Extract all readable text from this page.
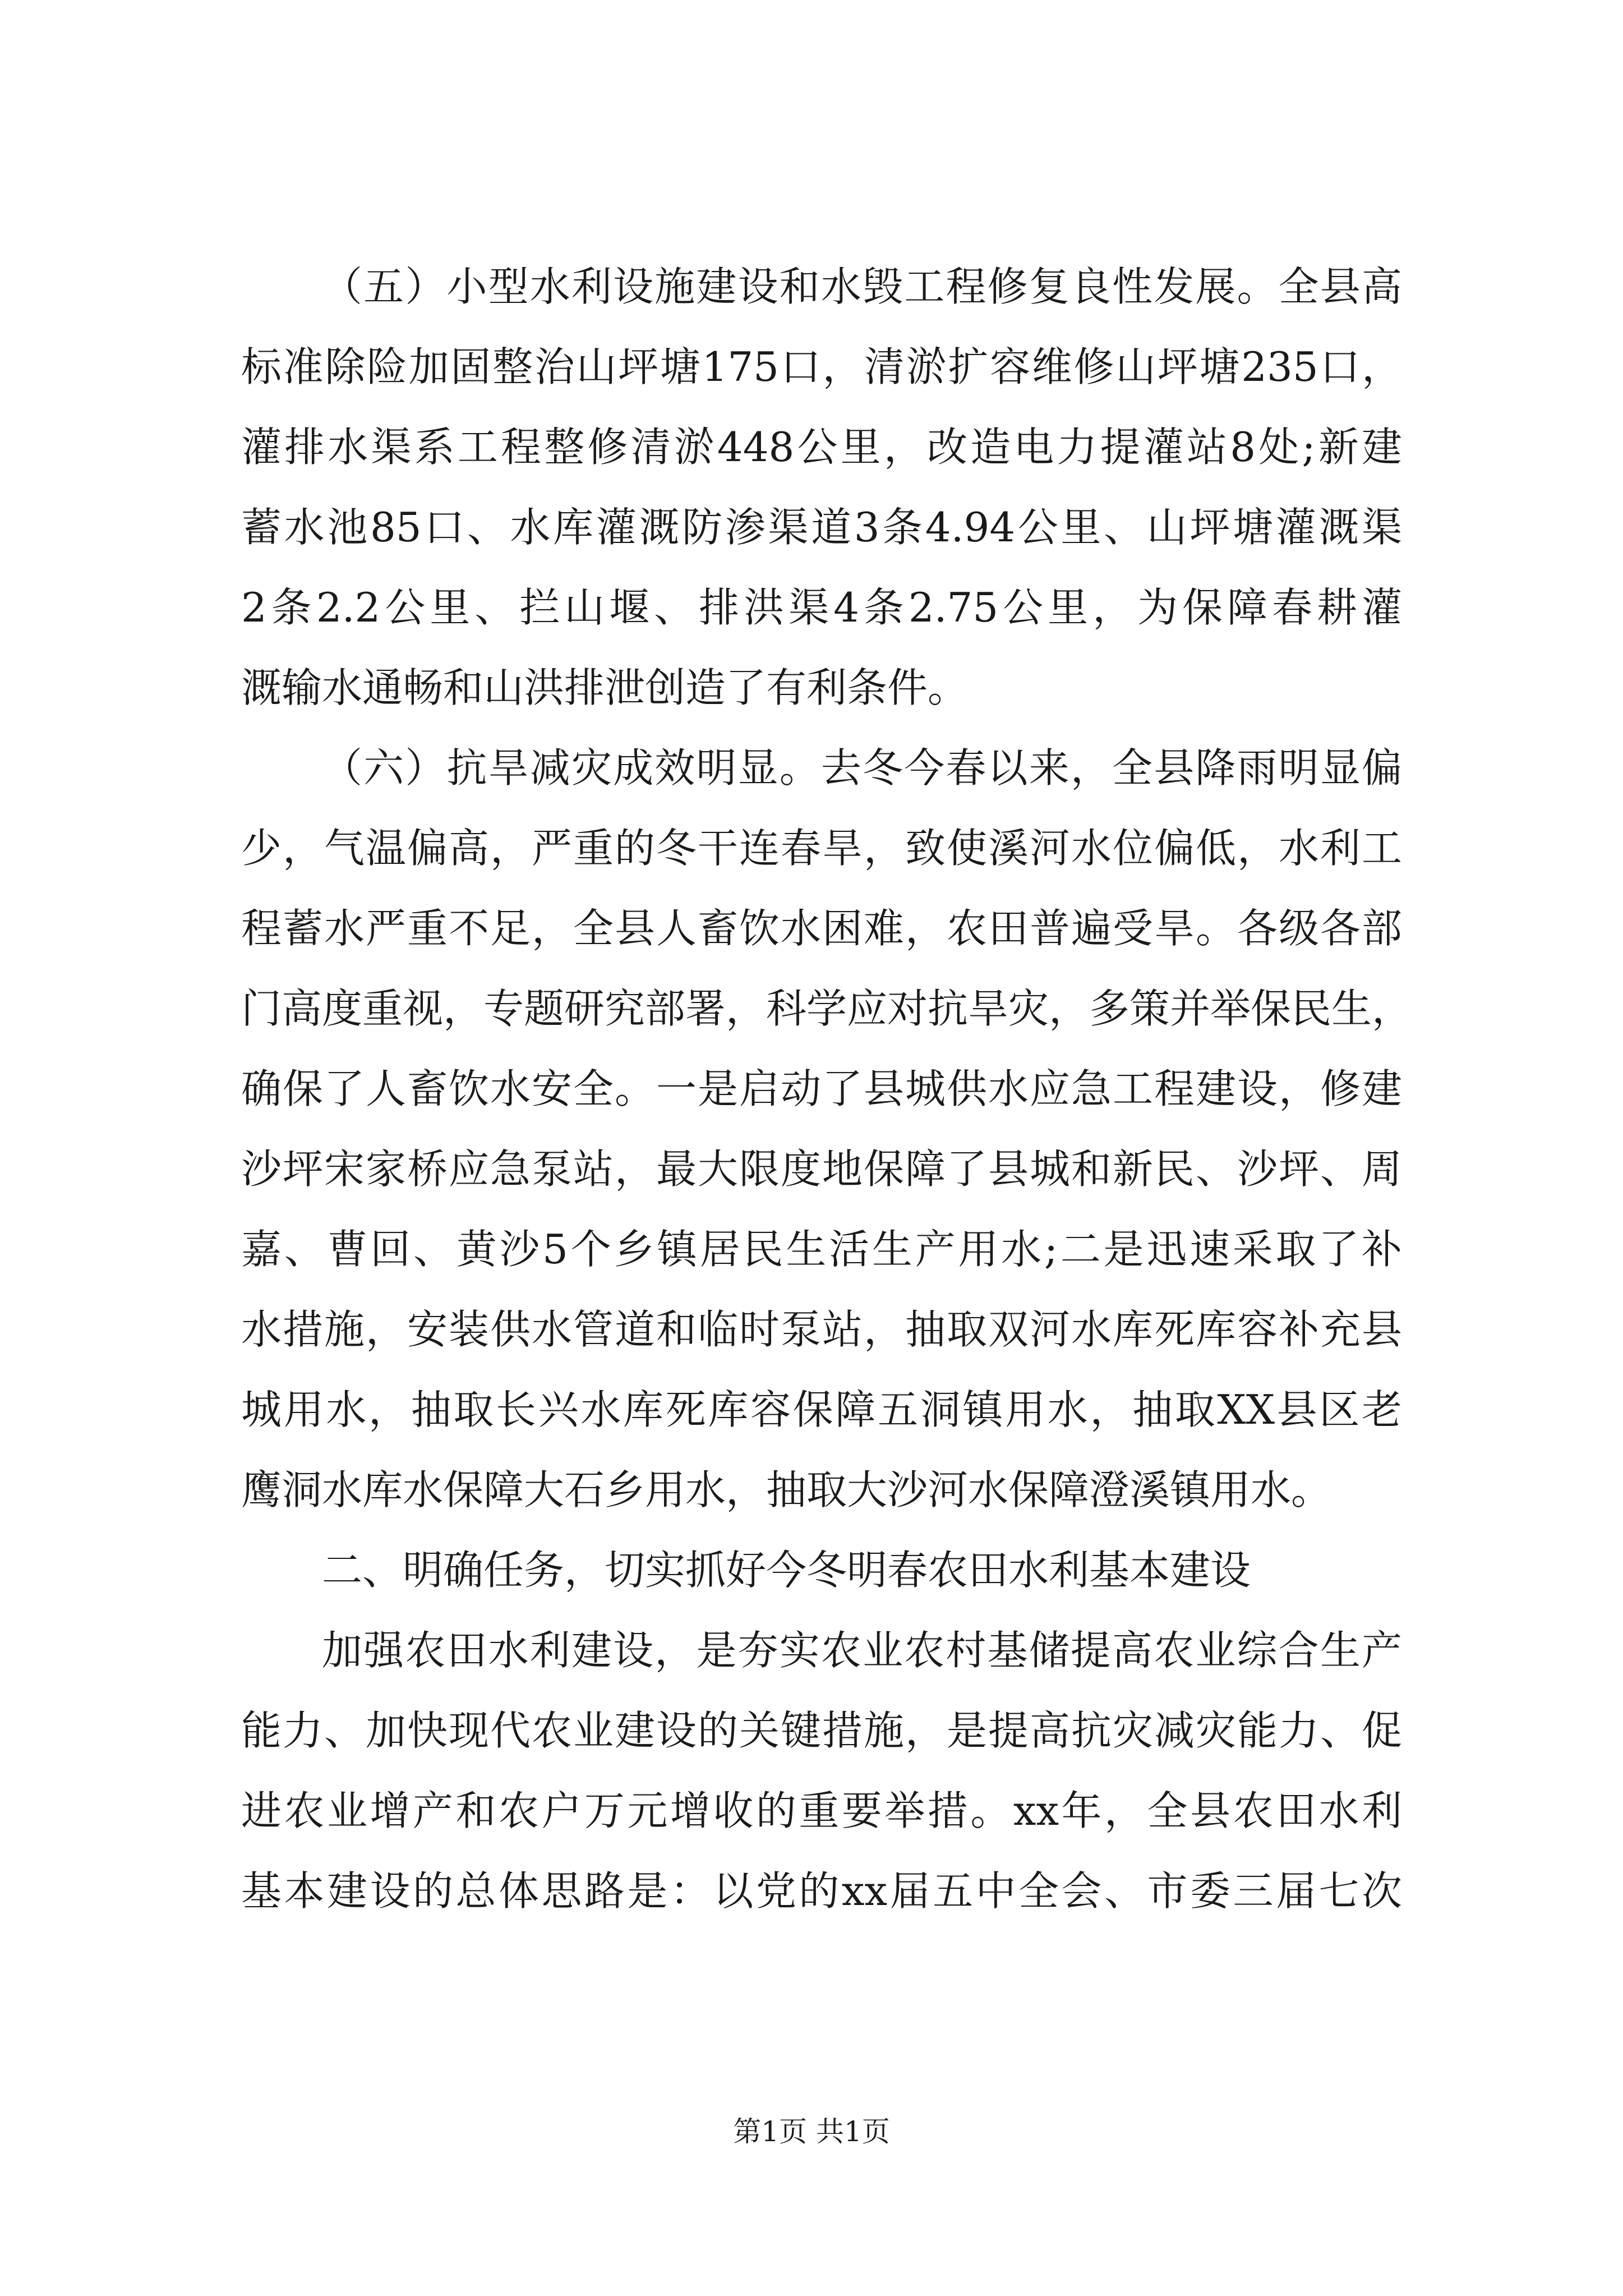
（五）小型水利设施建设和水毁工程修复良性发展。全县高
标准除险加固整治山坪塘175口，清淤扩容维修山坪塘235口，
灌排水渠系工程整修清淤448公里，改造电力提灌站8处;新建
蓄水池85口、水库灌溉防渗渠道3条4.94公里、山坪塘灌溉渠
2条2.2公里、拦山堰、排洪渠4条2.75公里，为保障春耕灌
溉输水通畅和山洪排泄创造了有利条件。
（六）抗旱减灾成效明显。去冬今春以来，全县降雨明显偏
少，气温偏高，严重的冬干连春旱，致使溪河水位偏低，水利工
程蓄水严重不足，全县人畜饮水困难，农田普遍受旱。各级各部
门高度重视，专题研究部署，科学应对抗旱灾，多策并举保民生，
确保了人畜饮水安全。一是启动了县城供水应急工程建设，修建
沙坪宋家桥应急泵站，最大限度地保障了县城和新民、沙坪、周
嘉、曹回、黄沙5个乡镇居民生活生产用水;二是迅速采取了补
水措施，安装供水管道和临时泵站，抽取双河水库死库容补充县
城用水，抽取长兴水库死库容保障五洞镇用水，抽取XX县区老
鹰洞水库水保障大石乡用水，抽取大沙河水保障澄溪镇用水。
二、明确任务，切实抓好今冬明春农田水利基本建设
加强农田水利建设，是夯实农业农村基储提高农业综合生产
能力、加快现代农业建设的关键措施，是提高抗灾减灾能力、促
进农业增产和农户万元增收的重要举措。xx年，全县农田水利
基本建设的总体思路是：以党的xx届五中全会、市委三届七次
第1页 共1页
